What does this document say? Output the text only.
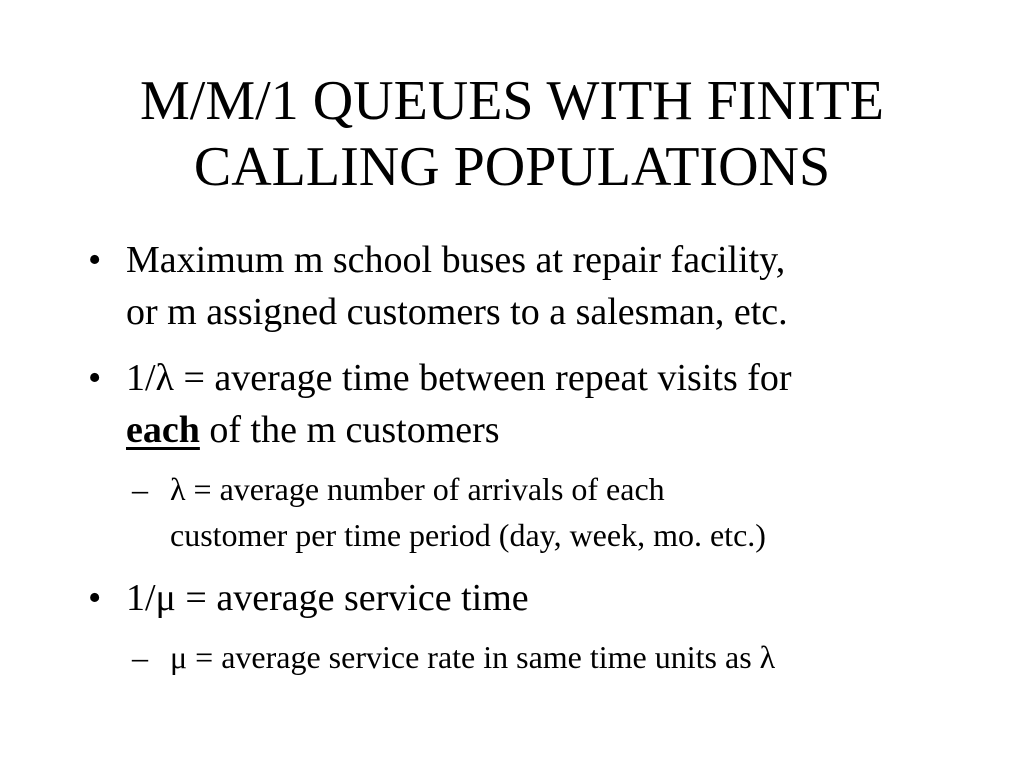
M/M/1 QUEUES WITH FINITE
CALLING POPULATIONS
• Maximum m school buses at repair facility,
or m assigned customers to a salesman, etc.
• 1/λ = average time between repeat visits for
each of the m customers
– λ = average number of arrivals of each
customer per time period (day, week, mo. etc.)
• 1/μ = average service time
– μ = average service rate in same time units as λ
